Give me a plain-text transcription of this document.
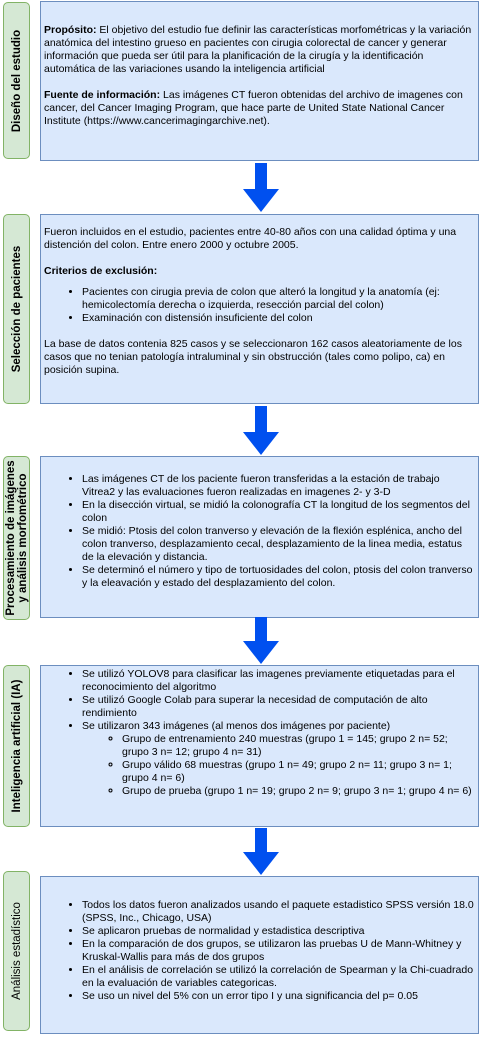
Diseño del estudio
Selección de pacientes
Procesamiento de imágenes y análisis morfométrico
Inteligencia artificial (IA)
Análisis estadístico

Propósito: El objetivo del estudio fue definir las características morfométricas y la variación anatómica del intestino grueso en pacientes con cirugia colorectal de cancer y generar información que pueda ser útil para la planificación de la cirugía y la identificación automática de las variaciones usando la inteligencia artificial

Fuente de información: Las imágenes CT fueron obtenidas del archivo de imagenes con cancer, del Cancer Imaging Program, que hace parte de United State National Cancer Institute (https://www.cancerimagingarchive.net).

Fueron incluidos en el estudio, pacientes entre 40-80 años con una calidad óptima y una distención del colon. Entre enero 2000 y octubre 2005.

Criterios de exclusión:

• Pacientes con cirugia previa de colon que alteró la longitud y la anatomía (ej: hemicolectomía derecha o izquierda, resección parcial del colon)
• Examinación con distensión insuficiente del colon

La base de datos contenia 825 casos y se seleccionaron 162 casos aleatoriamente de los casos que no tenian patología intraluminal y sin obstrucción (tales como polipo, ca) en posición supina.

• Las imágenes CT de los paciente fueron transferidas a la estación de trabajo Vitrea2 y las evaluaciones fueron realizadas en imagenes 2- y 3-D
• En la disección virtual, se midió la colonografía CT la longitud de los segmentos del colon
• Se midió: Ptosis del colon tranverso y elevación de la flexión esplénica, ancho del colon tranverso, desplazamiento cecal, desplazamiento de la linea media, estatus de la elevación y distancia.
• Se determinó el número y tipo de tortuosidades del colon, ptosis del colon tranverso y la eleavación y estado del desplazamiento del colon.
• Se utilizó YOLOV8 para clasificar las imagenes previamente etiquetadas para el reconocimiento del algoritmo
• Se utilizó Google Colab para superar la necesidad de computación de alto rendimiento
• Se utilizaron 343 imágenes (al menos dos imágenes por paciente)
◦ Grupo de entrenamiento 240 muestras (grupo 1 = 145; grupo 2 n= 52; grupo 3 n= 12; grupo 4 n= 31)
◦ Grupo válido 68 muestras (grupo 1 n= 49; grupo 2 n= 11; grupo 3 n= 1; grupo 4 n= 6)
◦ Grupo de prueba (grupo 1 n= 19; grupo 2 n= 9; grupo 3 n= 1; grupo 4 n= 6)
• Todos los datos fueron analizados usando el paquete estadistico SPSS versión 18.0 (SPSS, Inc., Chicago, USA)
• Se aplicaron pruebas de normalidad y estadistica descriptiva
• En la comparación de dos grupos, se utilizaron las pruebas U de Mann-Whitney y Kruskal-Wallis para más de dos grupos
• En el análisis de correlación se utilizó la correlación de Spearman y la Chi-cuadrado en la evaluación de variables categoricas.
• Se uso un nivel del 5% con un error tipo I y una significancia del p= 0.05
